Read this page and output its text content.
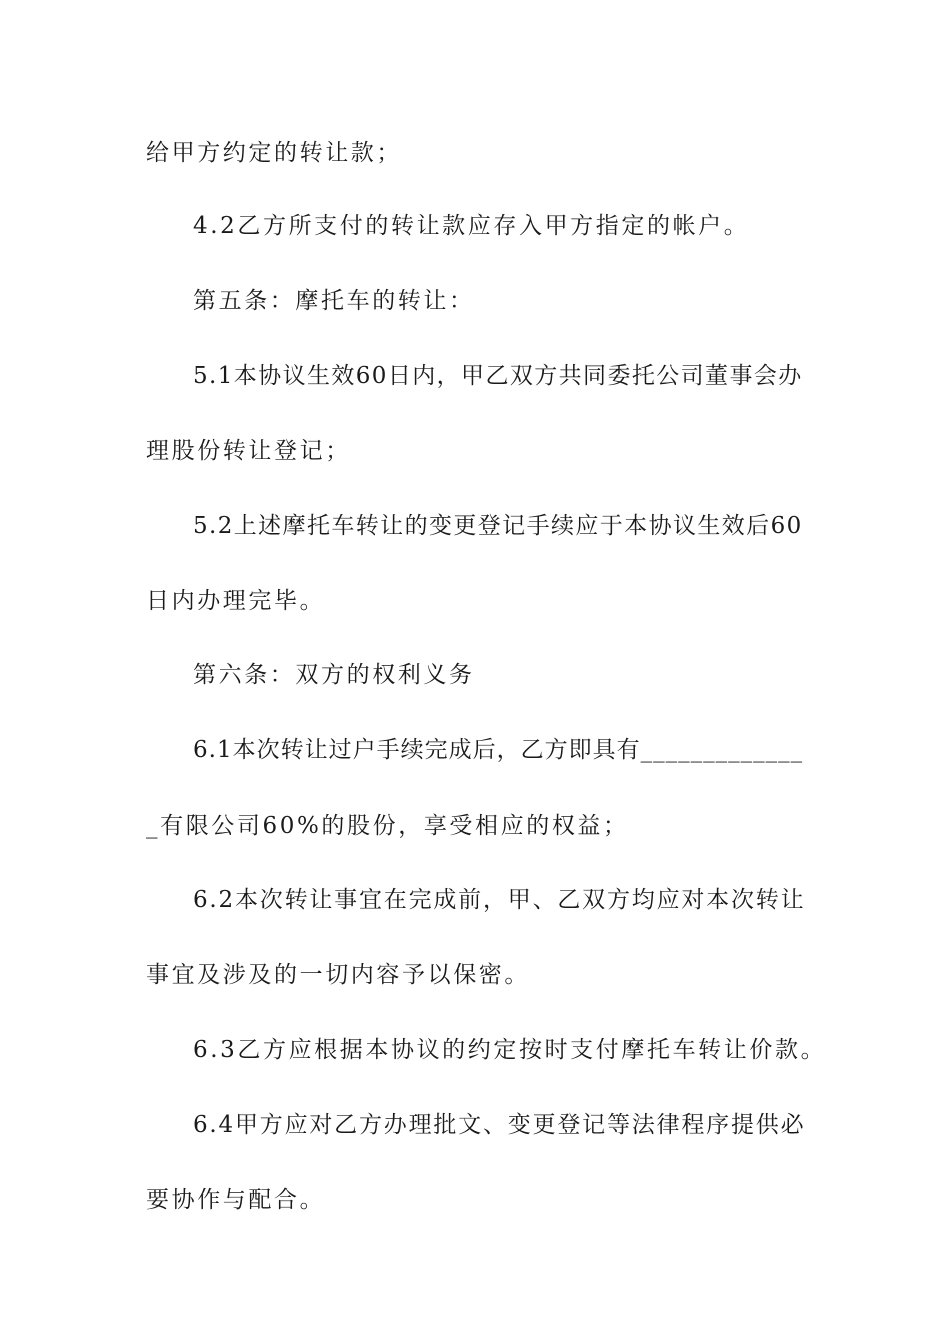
给甲方约定的转让款；
4.2乙方所支付的转让款应存入甲方指定的帐户。
第五条：摩托车的转让：
5.1本协议生效60日内，甲乙双方共同委托公司董事会办
理股份转让登记；
5.2上述摩托车转让的变更登记手续应于本协议生效后60
日内办理完毕。
第六条：双方的权利义务
6.1本次转让过户手续完成后，乙方即具有_____________
_有限公司60%的股份，享受相应的权益；
6.2本次转让事宜在完成前，甲、乙双方均应对本次转让
事宜及涉及的一切内容予以保密。
6.3乙方应根据本协议的约定按时支付摩托车转让价款。
6.4甲方应对乙方办理批文、变更登记等法律程序提供必
要协作与配合。
